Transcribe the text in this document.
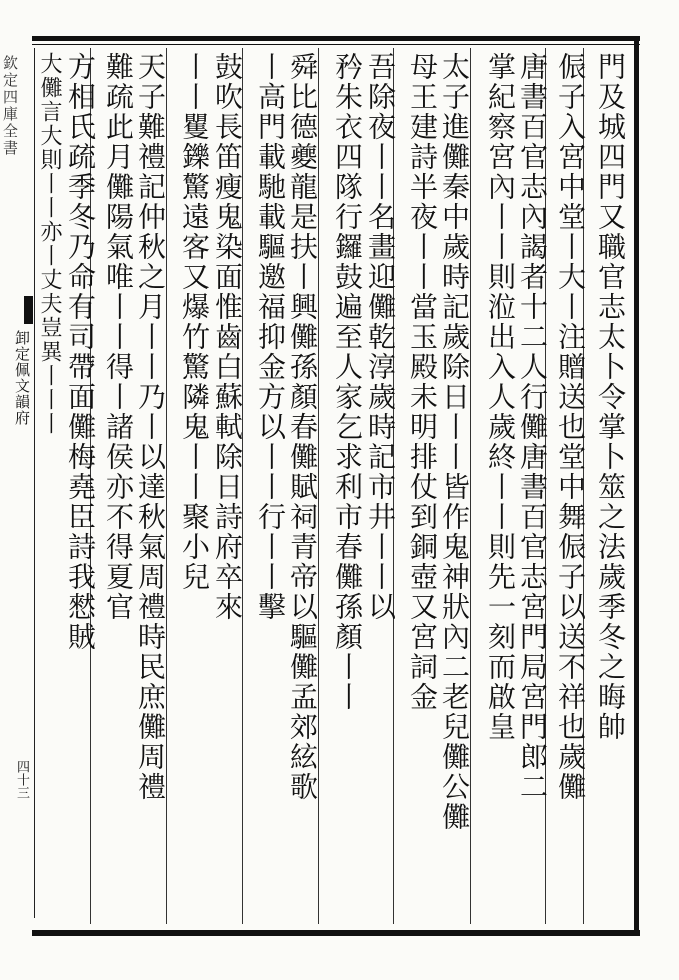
欽定四庫全書
卸定佩文韻府
四十三
門及城四門又職官志太卜令掌卜筮之法歲季冬之晦帥
侲子入宮中堂丨大丨注贈送也堂中舞侲子以送不祥也歲儺
唐書百官志內謁者十二人行儺唐書百官志宮門局宮門郎二
掌紀察宮內丨丨則涖出入人歲終丨丨則先一刻而啟皇
太子進儺秦中歲時記歲除日丨丨皆作鬼神狀內二老兒儺公儺
母王建詩半夜丨丨當玉殿未明排仗到銅壺又宮詞金
吾除夜丨丨名畫迎儺乾淳歲時記市井丨丨以
矜朱衣四隊行鑼鼓遍至人家乞求利市春儺孫顏丨丨
舜比德夔龍是扶丨興儺孫顏春儺賦祠青帝以驅儺孟郊絃歌
丨高門載馳載驅邀福抑金方以丨丨行丨丨擊
鼓吹長笛瘦鬼染面惟齒白蘇軾除日詩府卒來
丨丨矍鑠驚遠客又爆竹驚隣鬼丨丨聚小兒
天子難禮記仲秋之月丨丨乃丨以達秋氣周禮時民庶儺周禮
難疏此月儺陽氣唯丨丨得丨諸侯亦不得夏官
方相氏疏季冬乃命有司帶面儺梅堯臣詩我憖賊
大儺言大則丨丨亦丨丈夫豈異丨丨丨
